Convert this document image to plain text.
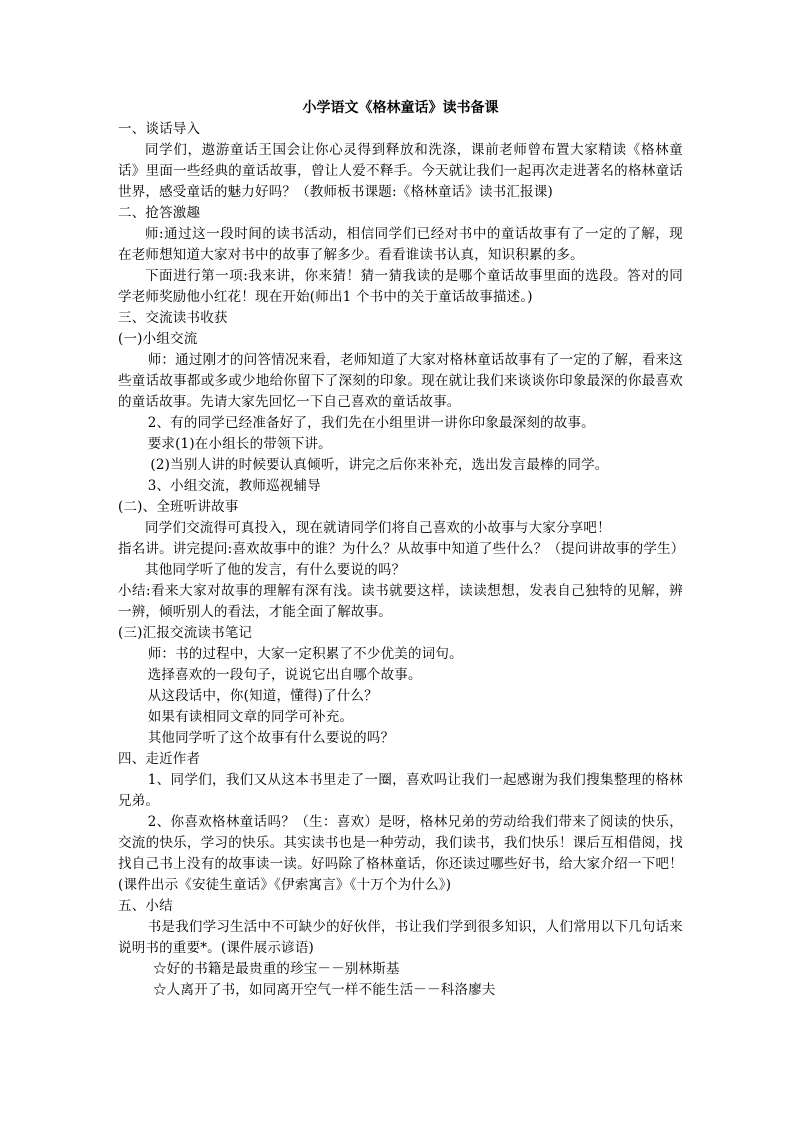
小学语文《格林童话》读书备课

一、谈话导入

同学们，遨游童话王国会让你心灵得到释放和洗涤，课前老师曾布置大家精读《格林童话》里面一些经典的童话故事，曾让人爱不释手。今天就让我们一起再次走进著名的格林童话世界，感受童话的魅力好吗？（教师板书课题:《格林童话》读书汇报课)

二、抢答激趣

师:通过这一段时间的读书活动，相信同学们已经对书中的童话故事有了一定的了解，现在老师想知道大家对书中的故事了解多少。看看谁读书认真，知识积累的多。

下面进行第一项:我来讲，你来猜！猜一猜我读的是哪个童话故事里面的选段。答对的同学老师奖励他小红花！现在开始(师出1 个书中的关于童话故事描述。)

三、交流读书收获

(一)小组交流

师：通过刚才的问答情况来看，老师知道了大家对格林童话故事有了一定的了解，看来这些童话故事都或多或少地给你留下了深刻的印象。现在就让我们来谈谈你印象最深的你最喜欢的童话故事。先请大家先回忆一下自己喜欢的童话故事。

2、有的同学已经准备好了，我们先在小组里讲一讲你印象最深刻的故事。

要求(1)在小组长的带领下讲。

(2)当别人讲的时候要认真倾听，讲完之后你来补充，选出发言最棒的同学。

3、小组交流，教师巡视辅导

(二)、全班听讲故事

同学们交流得可真投入，现在就请同学们将自己喜欢的小故事与大家分享吧！

指名讲。讲完提问:喜欢故事中的谁？为什么？从故事中知道了些什么？（提问讲故事的学生）

其他同学听了他的发言，有什么要说的吗？

小结:看来大家对故事的理解有深有浅。读书就要这样，读读想想，发表自己独特的见解，辨一辨，倾听别人的看法，才能全面了解故事。

(三)汇报交流读书笔记

师：书的过程中，大家一定积累了不少优美的词句。

选择喜欢的一段句子，说说它出自哪个故事。

从这段话中，你(知道，懂得)了什么？

如果有读相同文章的同学可补充。

其他同学听了这个故事有什么要说的吗？

四、走近作者

1、同学们，我们又从这本书里走了一圈，喜欢吗让我们一起感谢为我们搜集整理的格林兄弟。

2、你喜欢格林童话吗？（生：喜欢）是呀，格林兄弟的劳动给我们带来了阅读的快乐，交流的快乐，学习的快乐。其实读书也是一种劳动，我们读书，我们快乐！课后互相借阅，找找自己书上没有的故事读一读。好吗除了格林童话，你还读过哪些好书，给大家介绍一下吧！(课件出示《安徒生童话》《伊索寓言》《十万个为什么》)

五、小结

书是我们学习生活中不可缺少的好伙伴，书让我们学到很多知识，人们常用以下几句话来说明书的重要*。(课件展示谚语)

☆好的书籍是最贵重的珍宝－－别林斯基

☆人离开了书，如同离开空气一样不能生活－－科洛廖夫
